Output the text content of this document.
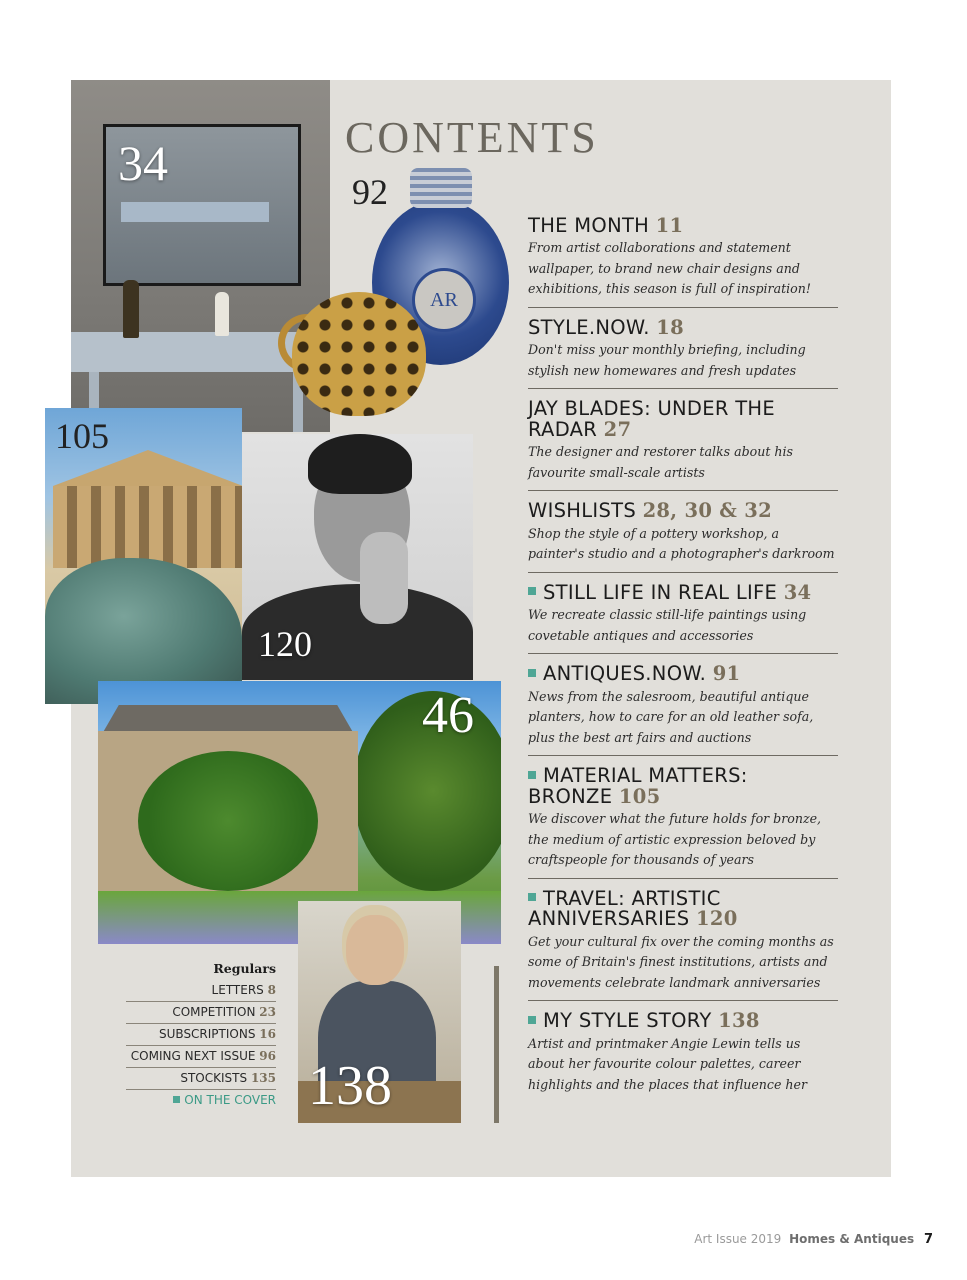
34
AR
92
105
120
46
138
CONTENTS
THE MONTH 11
From artist collaborations and statement wallpaper, to brand new chair designs and exhibitions, this season is full of inspiration!
STYLE.NOW. 18
Don't miss your monthly briefing, including stylish new homewares and fresh updates
JAY BLADES: UNDER THE RADAR 27
The designer and restorer talks about his favourite small-scale artists
WISHLISTS 28, 30 & 32
Shop the style of a pottery workshop, a painter's studio and a photographer's darkroom
STILL LIFE IN REAL LIFE 34
We recreate classic still-life paintings using covetable antiques and accessories
ANTIQUES.NOW. 91
News from the salesroom, beautiful antique planters, how to care for an old leather sofa, plus the best art fairs and auctions
MATERIAL MATTERS: BRONZE 105
We discover what the future holds for bronze, the medium of artistic expression beloved by craftspeople for thousands of years
TRAVEL: ARTISTIC ANNIVERSARIES 120
Get your cultural fix over the coming months as some of Britain's finest institutions, artists and movements celebrate landmark anniversaries
MY STYLE STORY 138
Artist and printmaker Angie Lewin tells us about her favourite colour palettes, career highlights and the places that influence her
Regulars
LETTERS 8
COMPETITION 23
SUBSCRIPTIONS 16
COMING NEXT ISSUE 96
STOCKISTS 135
ON THE COVER
Art Issue 2019 Homes & Antiques 7
